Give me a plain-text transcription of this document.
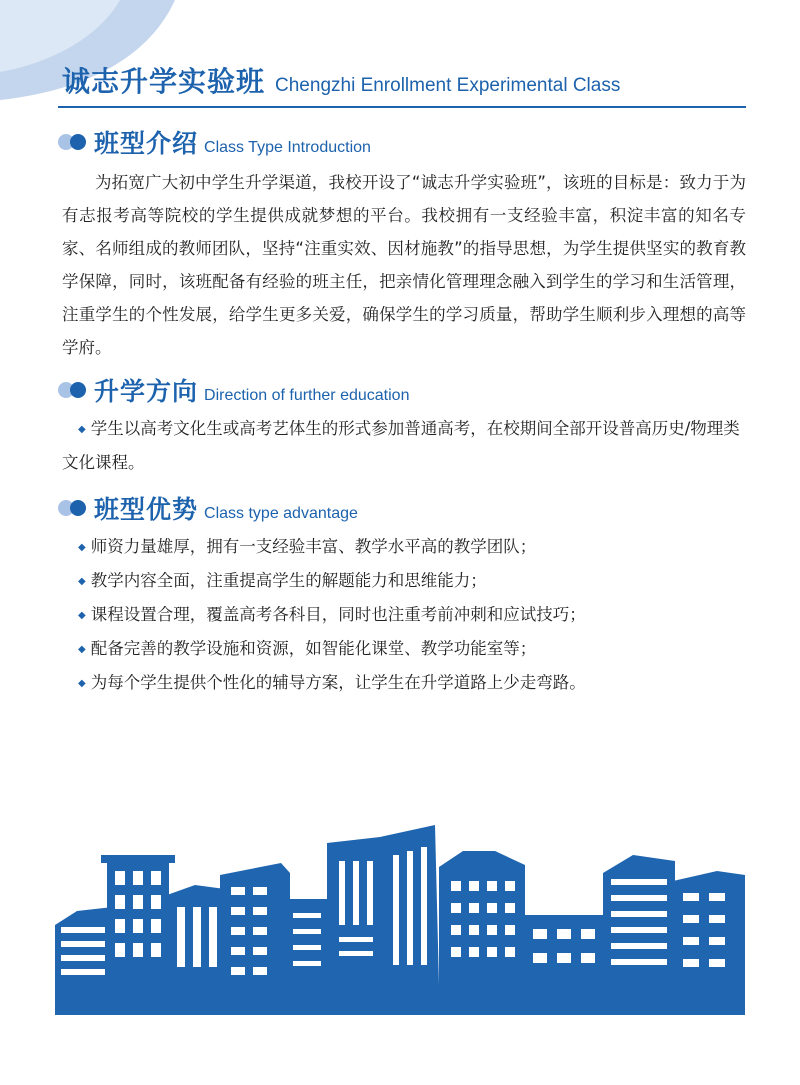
诚志升学实验班 Chengzhi Enrollment Experimental Class
班型介绍 Class Type Introduction

为拓宽广大初中学生升学渠道，我校开设了“诚志升学实验班”，该班的目标是：致力于为有志报考高等院校的学生提供成就梦想的平台。我校拥有一支经验丰富，积淀丰富的知名专家、名师组成的教师团队，坚持“注重实效、因材施教”的指导思想，为学生提供坚实的教育教学保障，同时，该班配备有经验的班主任，把亲情化管理理念融入到学生的学习和生活管理，注重学生的个性发展，给学生更多关爱，确保学生的学习质量，帮助学生顺利步入理想的高等学府。

升学方向 Direction of further education

◆ 学生以高考文化生或高考艺体生的形式参加普通高考，在校期间全部开设普高历史/物理类文化课程。

班型优势 Class type advantage
◆ 师资力量雄厚，拥有一支经验丰富、教学水平高的教学团队；
◆ 教学内容全面，注重提高学生的解题能力和思维能力；
◆ 课程设置合理，覆盖高考各科目，同时也注重考前冲刺和应试技巧；
◆ 配备完善的教学设施和资源，如智能化课堂、教学功能室等；
◆ 为每个学生提供个性化的辅导方案，让学生在升学道路上少走弯路。
